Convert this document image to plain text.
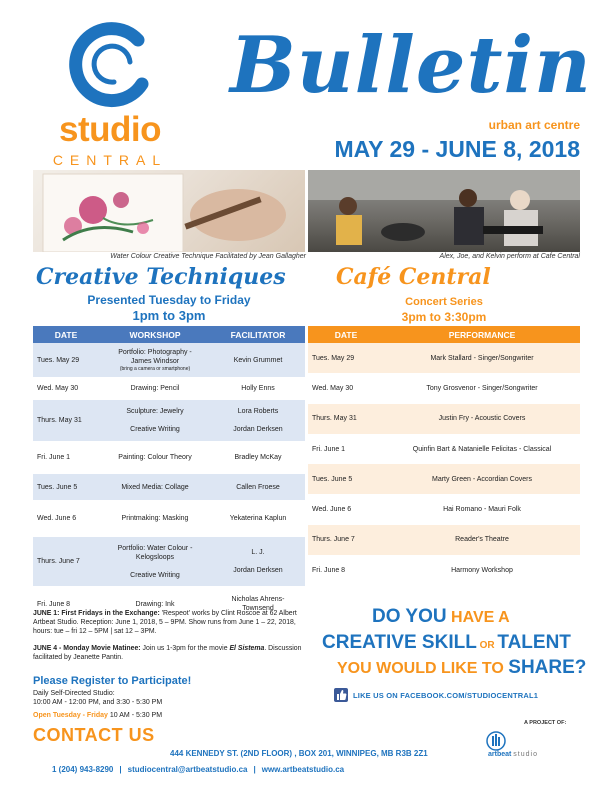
studio
CENTRAL
Bulletin
urban art centre
MAY 29 - JUNE 8, 2018
Water Colour Creative Technique Facilitated by Jean Gallagher	Alex, Joe, and Kelvin perform at Cafe Central
Creative Techniques
Presented Tuesday to Friday
1pm to 3pm
Café Central
Concert Series
3pm to 3:30pm
DATE	WORKSHOP	FACILITATOR
Tues. May 29	Portfolio: Photography -
James Windsor
(bring a camera or smartphone)	Kevin Grummet
Wed. May 30	Drawing: Pencil	Holly Enns
Thurs. May 31	Sculpture: Jewelry
Creative Writing	Lora Roberts
Jordan Derksen

Fri. June 1	Painting: Colour Theory	Bradley McKay
Tues. June 5	Mixed Media: Collage	Callen Froese
Wed. June 6	Printmaking: Masking	Yekaterina Kaplun
Thurs. June 7	Portfolio: Water Colour -
Kelogsloops
Creative Writing	L. J.
Jordan Derksen

Fri. June 8	Drawing: Ink	Nicholas Ahrens-
Townsend
DATE	PERFORMANCE
Tues. May 29	Mark Stallard - Singer/Songwriter
Wed. May 30	Tony Grosvenor - Singer/Songwriter
Thurs. May 31	Justin Fry - Acoustic Covers
Fri. June 1	Quinfin Bart & Natanielle Felicitas - Classical
Tues. June 5	Marty Green - Accordian Covers
Wed. June 6	Hai Romano - Mauri Folk
Thurs. June 7	Reader's Theatre
Fri. June 8	Harmony Workshop
JUNE 1: First Fridays in the Exchange: 'Respeot' works by Clint Roscoe at 62 Albert Artbeat Studio. Reception: June 1, 2018, 5 – 9PM. Show runs from June 1 – 22, 2018, hours: tue – fri 12 – 5PM | sat 12 – 3PM.
JUNE 4 - Monday Movie Matinee: Join us 1-3pm for the movie El Sistema. Discussion facilitated by Jeanette Pantin.
Please Register to Participate!
Daily Self-Directed Studio:
10:00 AM - 12:00 PM, and 3:30 - 5:30 PM
Open Tuesday - Friday 10 AM - 5:30 PM
DO YOU HAVE A
CREATIVE SKILL OR TALENT
YOU WOULD LIKE TO SHARE?
LIKE US ON FACEBOOK.COM/STUDIOCENTRAL1
CONTACT US
444 KENNEDY ST. (2ND FLOOR) , BOX 201, WINNIPEG, MB R3B 2Z1
1 (204) 943-8290 | studiocentral@artbeatstudio.ca | www.artbeatstudio.ca
A PROJECT OF:
artbeat studio
